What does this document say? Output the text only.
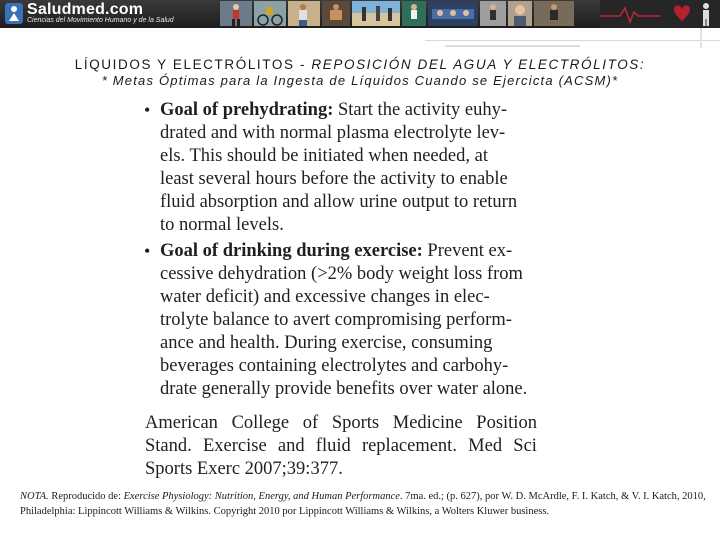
Saludmed.com
Ciencias del Movimiento Humano y de la Salud
LÍQUIDOS Y ELECTRÓLITOS - REPOSICIÓN DEL AGUA Y ELECTRÓLITOS:
* Metas Óptimas para la Ingesta de Líquidos Cuando se Ejercicta (ACSM)*
• Goal of prehydrating: Start the activity euhy-
drated and with normal plasma electrolyte lev-
els. This should be initiated when needed, at
least several hours before the activity to enable
fluid absorption and allow urine output to return
to normal levels.
• Goal of drinking during exercise: Prevent ex-
cessive dehydration (>2% body weight loss from
water deficit) and excessive changes in elec-
trolyte balance to avert compromising perform-
ance and health. During exercise, consuming
beverages containing electrolytes and carbohy-
drate generally provide benefits over water alone.
American College of Sports Medicine Position
Stand. Exercise and fluid replacement. Med Sci
Sports Exerc 2007;39:377.
NOTA. Reproducido de: Exercise Physiology: Nutrition, Energy, and Human Performance. 7ma. ed.; (p. 627), por W. D. McArdle, F. I. Katch, & V. I. Katch, 2010, Philadelphia: Lippincott Williams & Wilkins. Copyright 2010 por Lippincott Williams & Wilkins, a Wolters Kluwer business.
